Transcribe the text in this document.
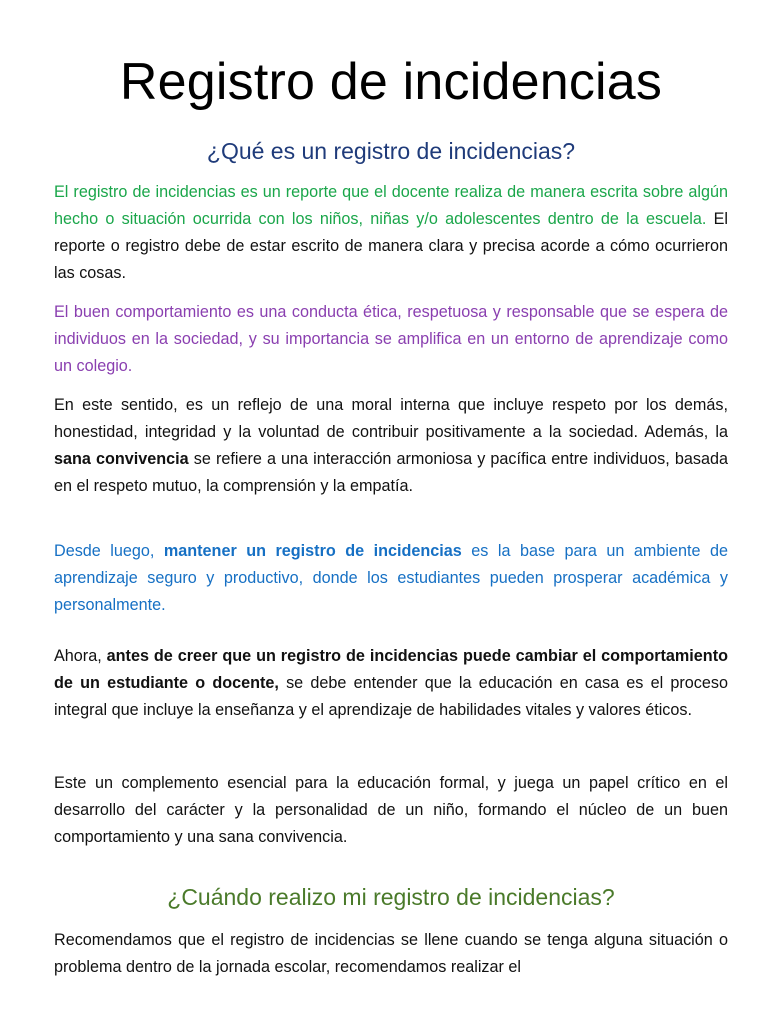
Registro de incidencias
¿Qué es un registro de incidencias?

El registro de incidencias es un reporte que el docente realiza de manera escrita sobre algún hecho o situación ocurrida con los niños, niñas y/o adolescentes dentro de la escuela. El reporte o registro debe de estar escrito de manera clara y precisa acorde a cómo ocurrieron las cosas.

El buen comportamiento es una conducta ética, respetuosa y responsable que se espera de individuos en la sociedad, y su importancia se amplifica en un entorno de aprendizaje como un colegio.

En este sentido, es un reflejo de una moral interna que incluye respeto por los demás, honestidad, integridad y la voluntad de contribuir positivamente a la sociedad. Además, la sana convivencia se refiere a una interacción armoniosa y pacífica entre individuos, basada en el respeto mutuo, la comprensión y la empatía.

Desde luego, mantener un registro de incidencias es la base para un ambiente de aprendizaje seguro y productivo, donde los estudiantes pueden prosperar académica y personalmente.

Ahora, antes de creer que un registro de incidencias puede cambiar el comportamiento de un estudiante o docente, se debe entender que la educación en casa es el proceso integral que incluye la enseñanza y el aprendizaje de habilidades vitales y valores éticos.

Este un complemento esencial para la educación formal, y juega un papel crítico en el desarrollo del carácter y la personalidad de un niño, formando el núcleo de un buen comportamiento y una sana convivencia.

¿Cuándo realizo mi registro de incidencias?

Recomendamos que el registro de incidencias se llene cuando se tenga alguna situación o problema dentro de la jornada escolar, recomendamos realizar el
